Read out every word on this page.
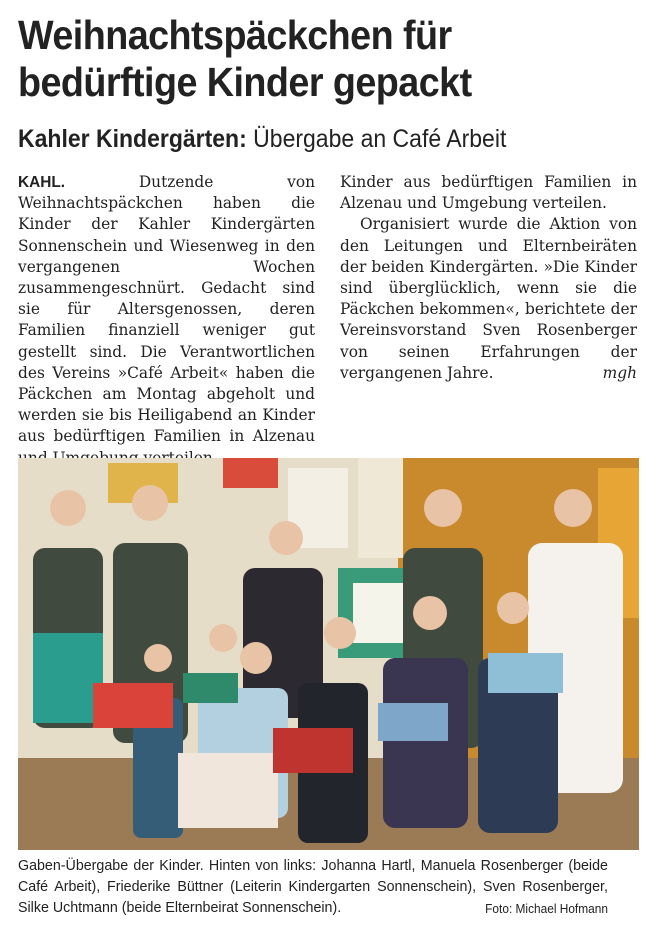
Weihnachtspäckchen für bedürftige Kinder gepackt
Kahler Kindergärten: Übergabe an Café Arbeit

KAHL.	Dutzende von Weihnachtspäckchen haben die Kinder der Kahler Kindergärten Sonnenschein und Wiesenweg in den vergangenen Wochen zusammengeschnürt. Gedacht sind sie für Altersgenossen, deren Familien finanziell weniger gut gestellt sind. Die Verantwortlichen des Vereins »Café Arbeit« haben die Päckchen am Montag abgeholt und werden sie bis Heiligabend an Kinder aus bedürftigen Familien in Alzenau

Kinder aus bedürftigen Familien in Alzenau und Umgebung verteilen.

Organisiert wurde die Aktion von den Leitungen und Elternbeiräten der beiden Kindergärten. »Die Kinder sind überglücklich, wenn sie die Päckchen bekommen«, berichtete der Vereinsvorstand Sven Rosenberger von seinen Erfahrungen der vergangenen Jahre.	mgh

Gaben-Übergabe der Kinder. Hinten von links: Johanna Hartl, Manuela Rosenberger (beide Café Arbeit), Friederike Büttner (Leiterin Kindergarten Sonnenschein), Sven Rosenberger, Silke Uchtmann (beide Elternbeirat Sonnenschein).	Foto: Michael Hofmann
